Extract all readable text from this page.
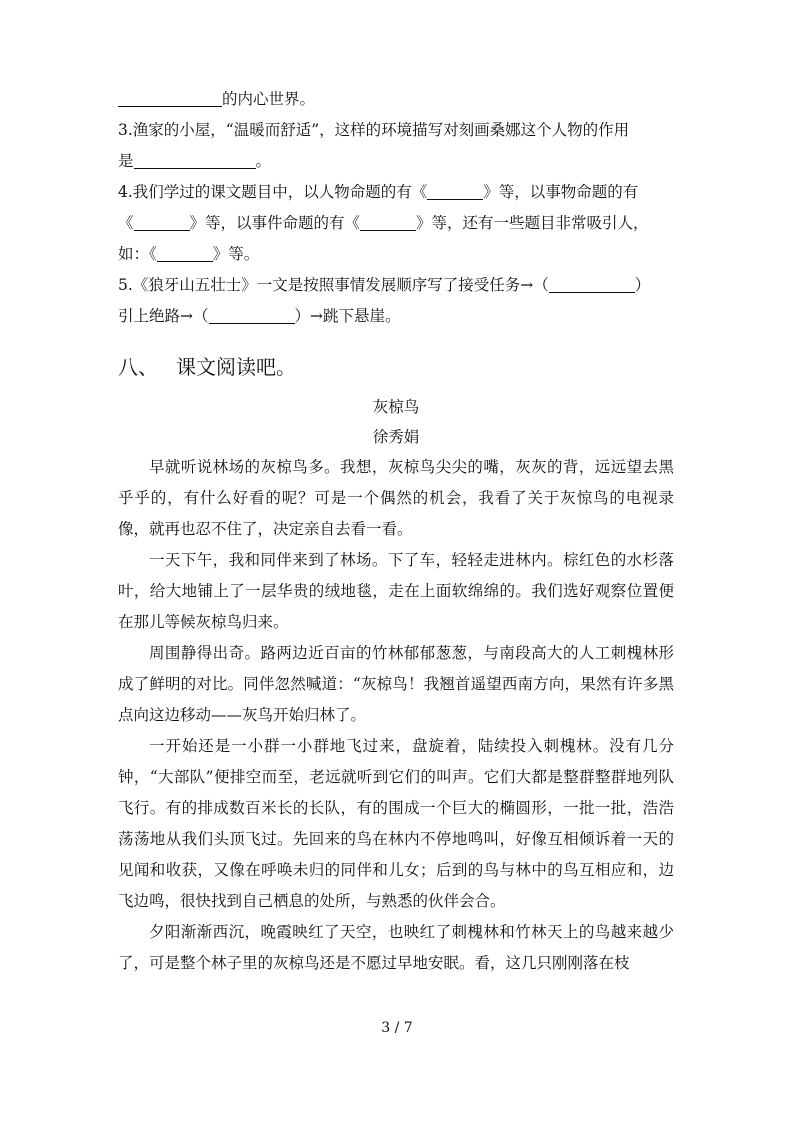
的内心世界。
3.渔家的小屋，“温暖而舒适”，这样的环境描写对刻画桑娜这个人物的作用
是	。
4.我们学过的课文题目中，以人物命题的有《	》等，以事物命题的有
《	》等，以事件命题的有《	》等，还有一些题目非常吸引人，
如：《	》等。
5.《狼牙山五壮士》一文是按照事情发展顺序写了接受任务→（	）
引上绝路→（	）→跳下悬崖。
八、 课文阅读吧。
灰椋鸟
徐秀娟

早就听说林场的灰椋鸟多。我想，灰椋鸟尖尖的嘴，灰灰的背，远远望去黑乎乎的，有什么好看的呢？可是一个偶然的机会，我看了关于灰惊鸟的电视录像，就再也忍不住了，决定亲自去看一看。

一天下午，我和同伴来到了林场。下了车，轻轻走进林内。棕红色的水杉落叶，给大地铺上了一层华贵的绒地毯，走在上面软绵绵的。我们选好观察位置便在那儿等候灰椋鸟归来。

周围静得出奇。路两边近百亩的竹林郁郁葱葱，与南段高大的人工刺槐林形成了鲜明的对比。同伴忽然喊道：“灰椋鸟！我翘首遥望西南方向，果然有许多黑点向这边移动——灰鸟开始归林了。

一开始还是一小群一小群地飞过来，盘旋着，陆续投入刺槐林。没有几分钟，“大部队”便排空而至，老远就听到它们的叫声。它们大都是整群整群地列队飞行。有的排成数百米长的长队，有的围成一个巨大的椭圆形，一批一批，浩浩荡荡地从我们头顶飞过。先回来的鸟在林内不停地鸣叫，好像互相倾诉着一天的见闻和收获，又像在呼唤未归的同伴和儿女；后到的鸟与林中的鸟互相应和，边飞边鸣，很快找到自己栖息的处所，与熟悉的伙伴会合。

夕阳渐渐西沉，晚霞映红了天空，也映红了刺槐林和竹林天上的鸟越来越少了，可是整个林子里的灰椋鸟还是不愿过早地安眠。看，这几只刚刚落在枝

3 / 7
